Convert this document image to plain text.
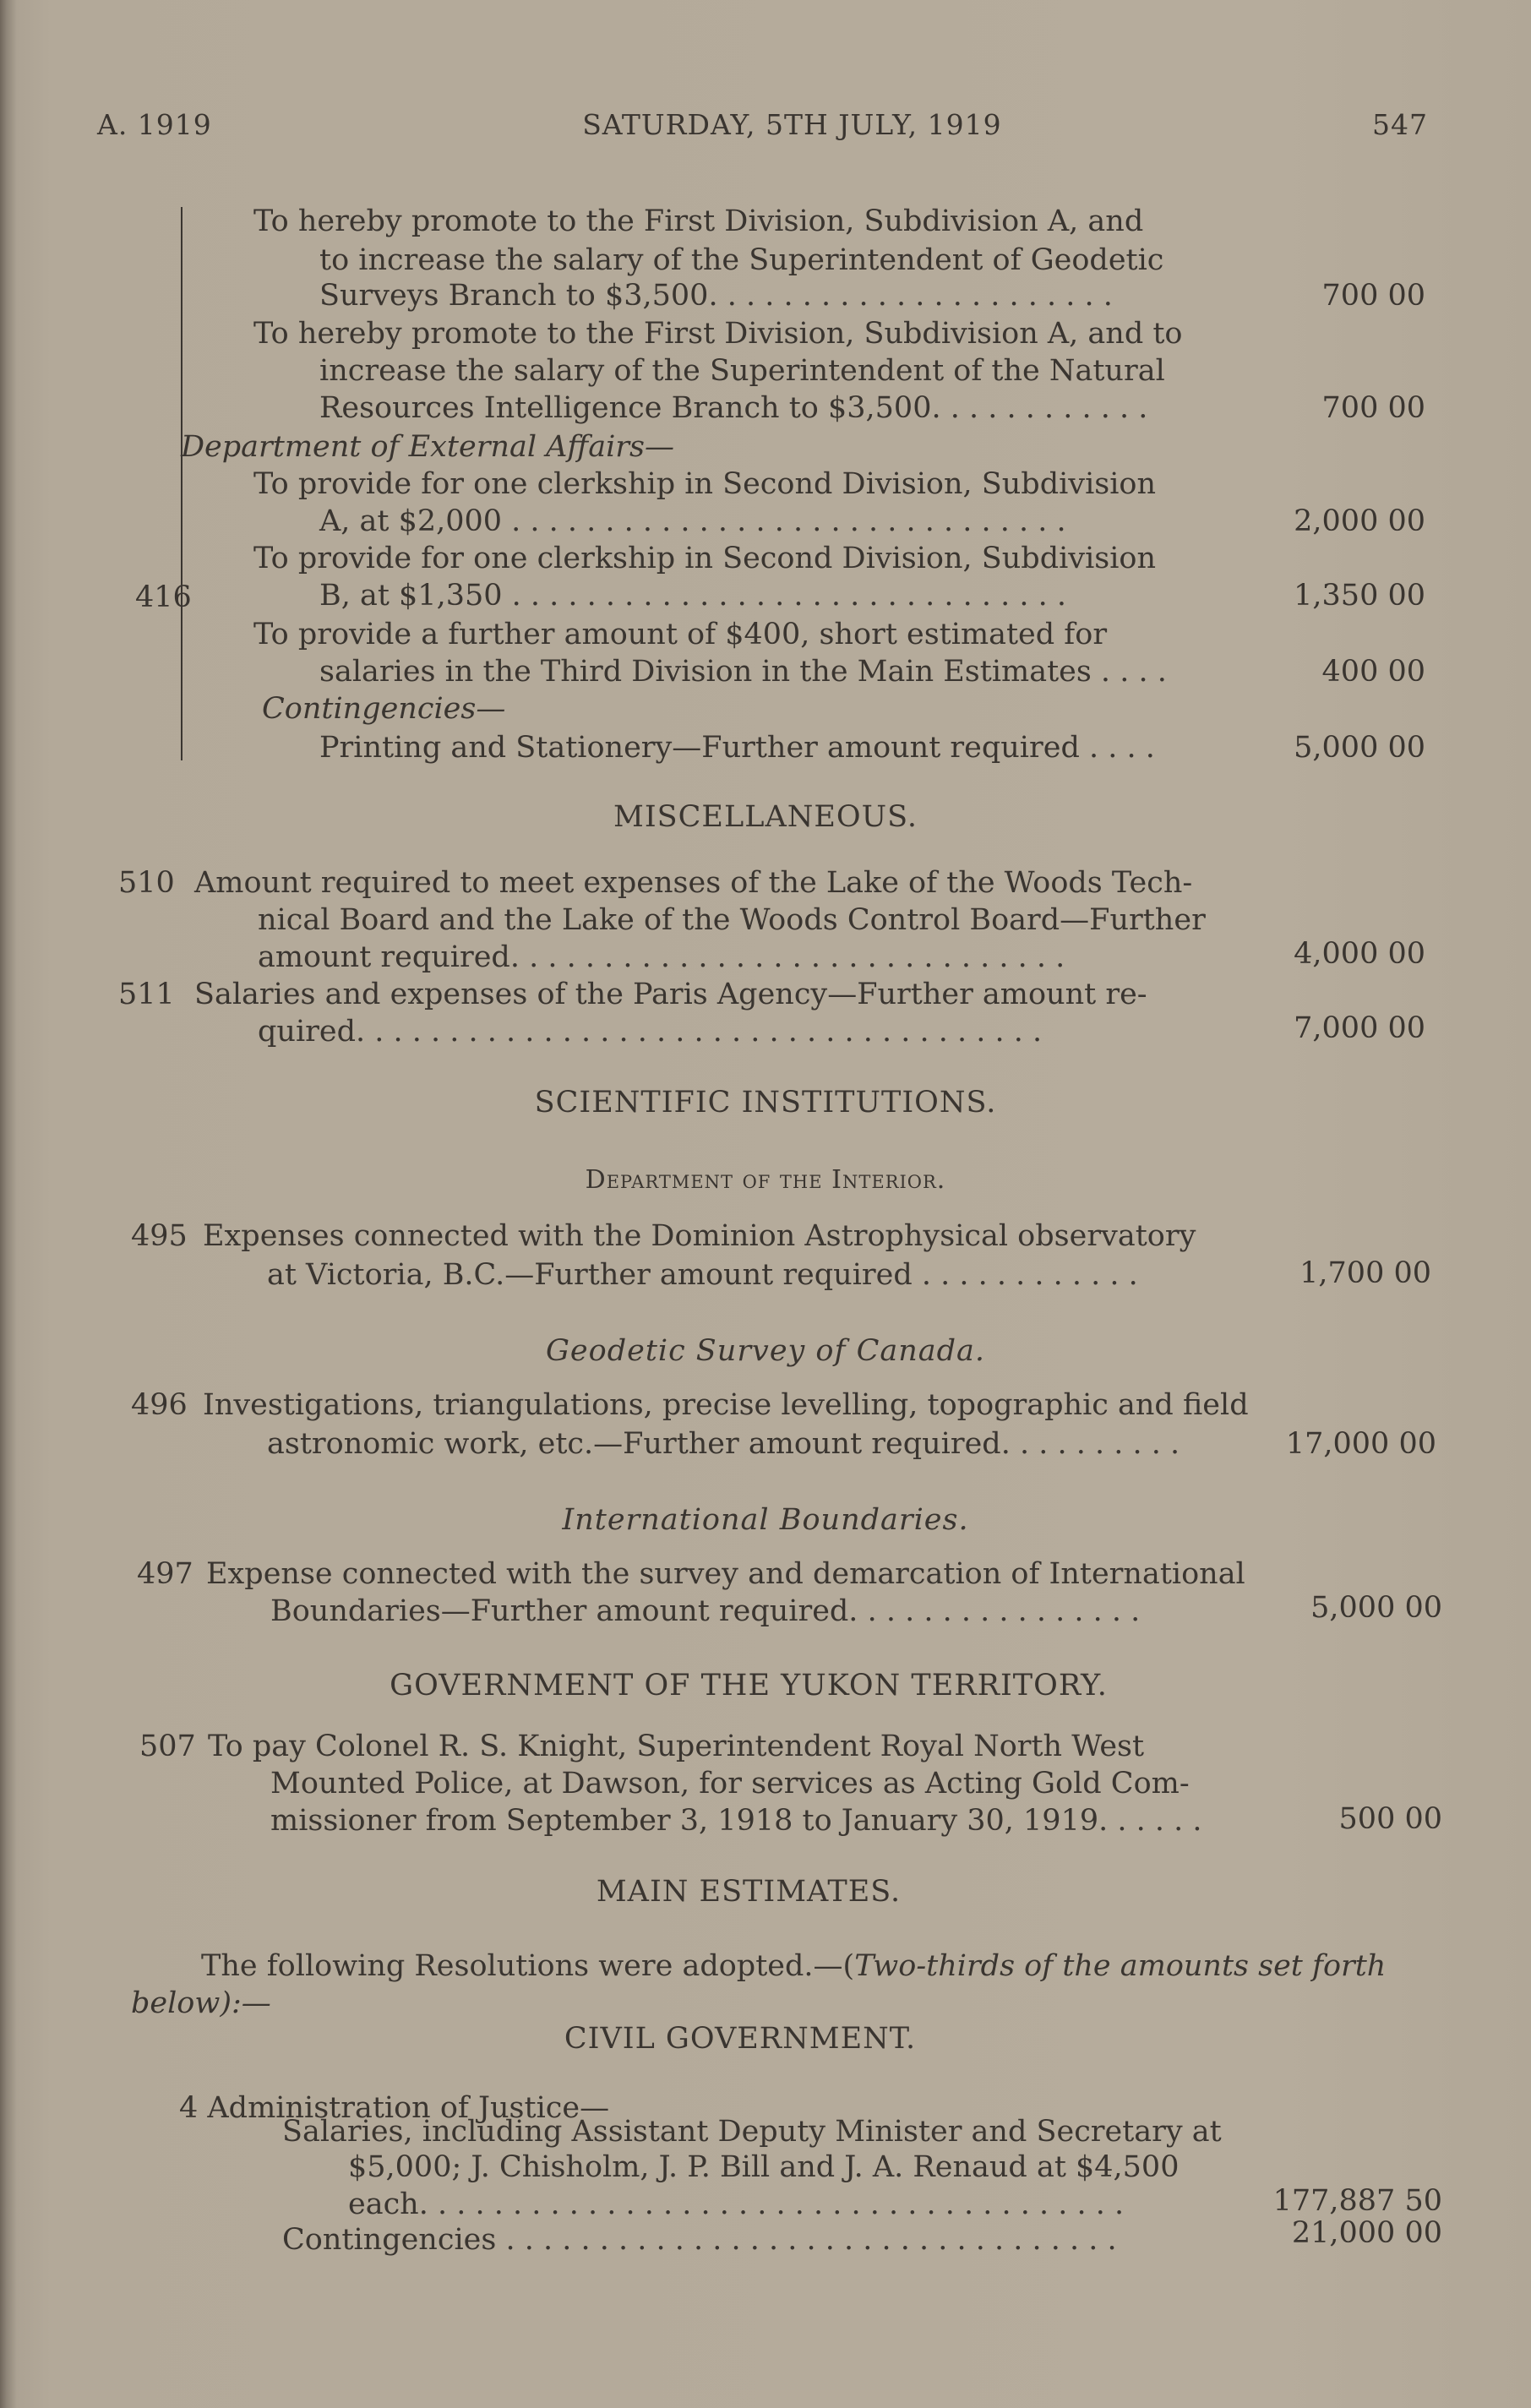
A. 1919	SATURDAY, 5TH JULY, 1919	547
416
To hereby promote to the First Division, Subdivision A, and
to increase the salary of the Superintendent of Geodetic
Surveys Branch to $3,500. . . . . . . . . . . . . . . . . . . . . .	700 00
To hereby promote to the First Division, Subdivision A, and to
increase the salary of the Superintendent of the Natural
Resources Intelligence Branch to $3,500. . . . . . . . . . . .	700 00
Department of External Affairs—
To provide for one clerkship in Second Division, Subdivision
A, at $2,000 . . . . . . . . . . . . . . . . . . . . . . . . . . . . . .	2,000 00
To provide for one clerkship in Second Division, Subdivision
B, at $1,350 . . . . . . . . . . . . . . . . . . . . . . . . . . . . . .	1,350 00
To provide a further amount of $400, short estimated for
salaries in the Third Division in the Main Estimates . . . .	400 00
Contingencies—
Printing and Stationery—Further amount required . . . .	5,000 00
MISCELLANEOUS.
510 Amount required to meet expenses of the Lake of the Woods Tech-
nical Board and the Lake of the Woods Control Board—Further
amount required. . . . . . . . . . . . . . . . . . . . . . . . . . . . . .	4,000 00
511 Salaries and expenses of the Paris Agency—Further amount re-
quired. . . . . . . . . . . . . . . . . . . . . . . . . . . . . . . . . . . . .	7,000 00
SCIENTIFIC INSTITUTIONS.
Department of the Interior.
495 Expenses connected with the Dominion Astrophysical observatory
at Victoria, B.C.—Further amount required . . . . . . . . . . . .	1,700 00
Geodetic Survey of Canada.
496 Investigations, triangulations, precise levelling, topographic and field
astronomic work, etc.—Further amount required. . . . . . . . . .	17,000 00
International Boundaries.
497 Expense connected with the survey and demarcation of International
Boundaries—Further amount required. . . . . . . . . . . . . . . .	5,000 00
GOVERNMENT OF THE YUKON TERRITORY.
507 To pay Colonel R. S. Knight, Superintendent Royal North West
Mounted Police, at Dawson, for services as Acting Gold Com-
missioner from September 3, 1918 to January 30, 1919. . . . . .	500 00
MAIN ESTIMATES.
The following Resolutions were adopted.—(Two-thirds of the amounts set forth
below):—
CIVIL GOVERNMENT.
4 Administration of Justice—
Salaries, including Assistant Deputy Minister and Secretary at
$5,000; J. Chisholm, J. P. Bill and J. A. Renaud at $4,500
each. . . . . . . . . . . . . . . . . . . . . . . . . . . . . . . . . . . . . .	177,887 50
Contingencies . . . . . . . . . . . . . . . . . . . . . . . . . . . . . . . . .	21,000 00
